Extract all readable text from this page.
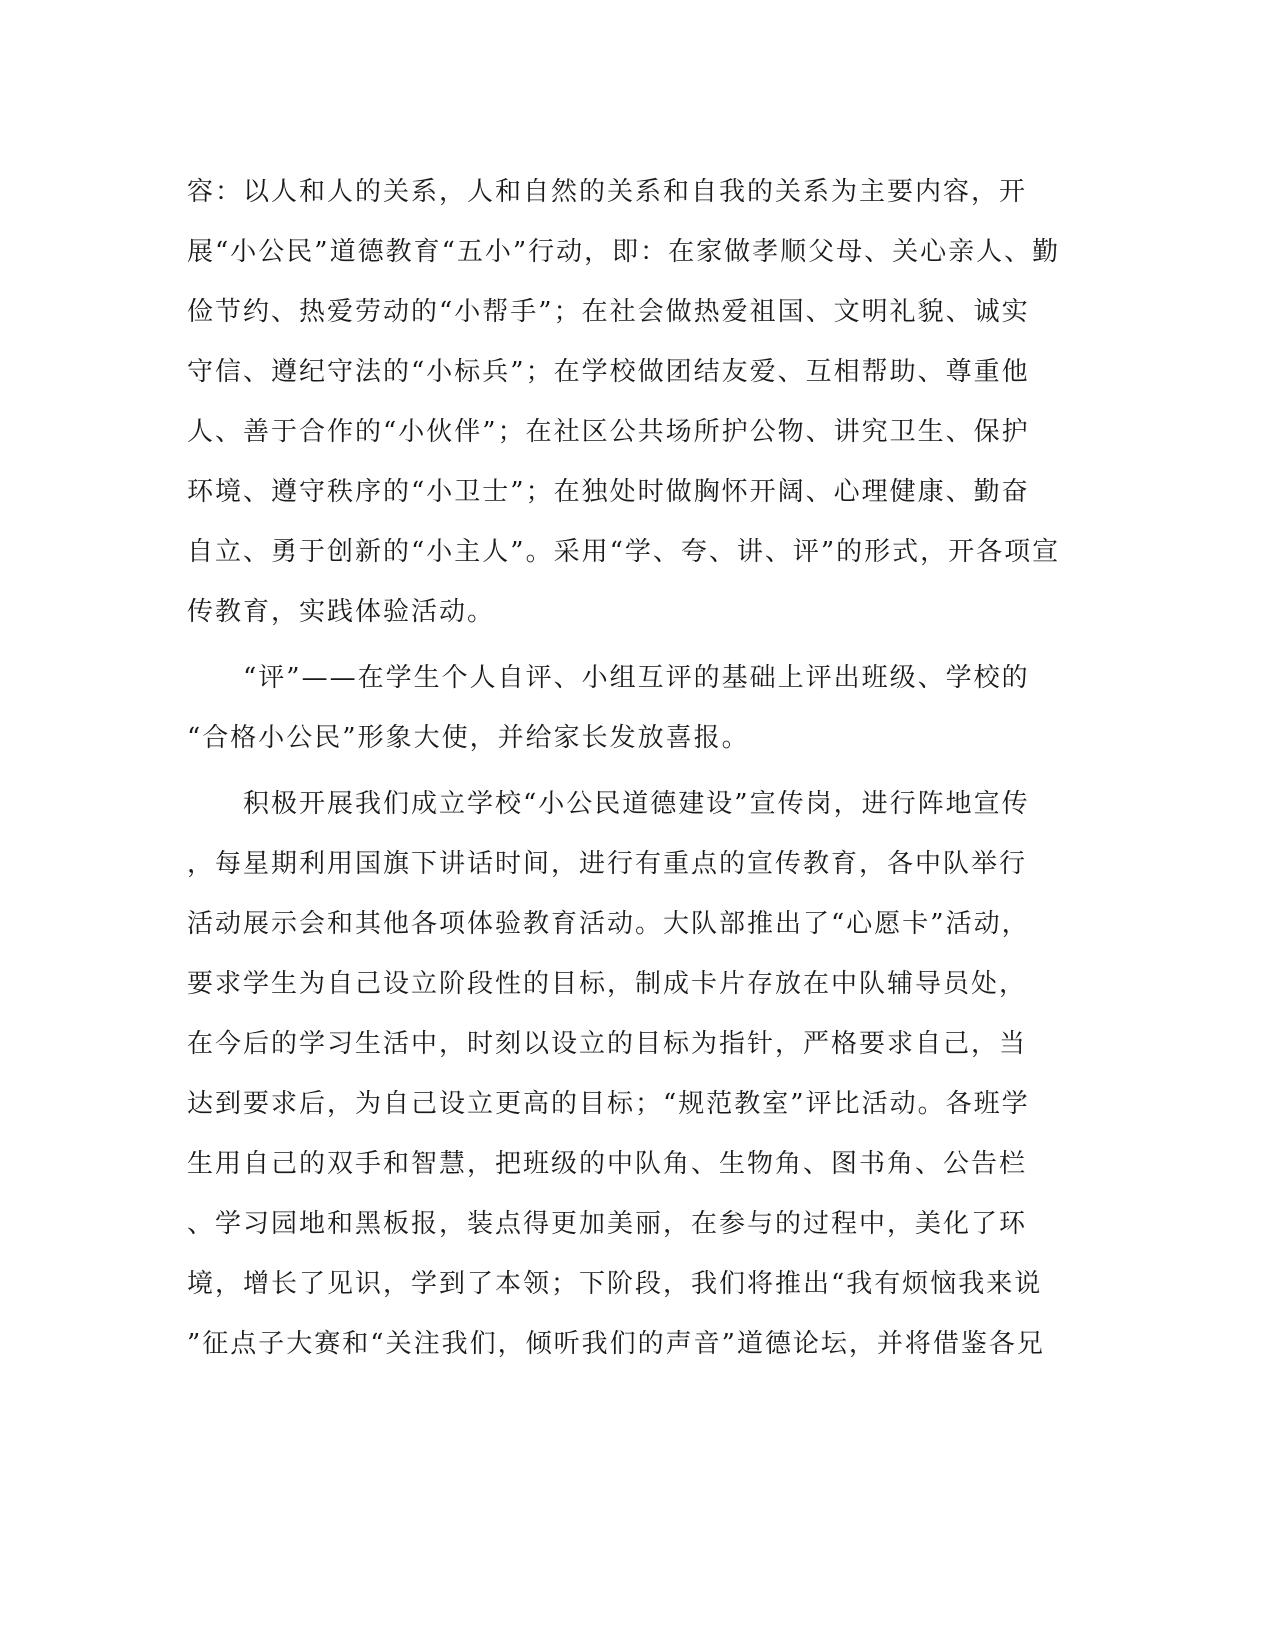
容：以人和人的关系，人和自然的关系和自我的关系为主要内容，开
展“小公民”道德教育“五小”行动，即：在家做孝顺父母、关心亲人、勤
俭节约、热爱劳动的“小帮手”；在社会做热爱祖国、文明礼貌、诚实
守信、遵纪守法的“小标兵”；在学校做团结友爱、互相帮助、尊重他
人、善于合作的“小伙伴”；在社区公共场所护公物、讲究卫生、保护
环境、遵守秩序的“小卫士”；在独处时做胸怀开阔、心理健康、勤奋
自立、勇于创新的“小主人”。采用“学、夸、讲、评”的形式，开各项宣
传教育，实践体验活动。
　　“评”——在学生个人自评、小组互评的基础上评出班级、学校的
“合格小公民”形象大使，并给家长发放喜报。
　　积极开展我们成立学校“小公民道德建设”宣传岗，进行阵地宣传
，每星期利用国旗下讲话时间，进行有重点的宣传教育，各中队举行
活动展示会和其他各项体验教育活动。大队部推出了“心愿卡”活动，
要求学生为自己设立阶段性的目标，制成卡片存放在中队辅导员处，
在今后的学习生活中，时刻以设立的目标为指针，严格要求自己，当
达到要求后，为自己设立更高的目标；“规范教室”评比活动。各班学
生用自己的双手和智慧，把班级的中队角、生物角、图书角、公告栏
、学习园地和黑板报，装点得更加美丽，在参与的过程中，美化了环
境，增长了见识，学到了本领；下阶段，我们将推出“我有烦恼我来说
”征点子大赛和“关注我们，倾听我们的声音”道德论坛，并将借鉴各兄
